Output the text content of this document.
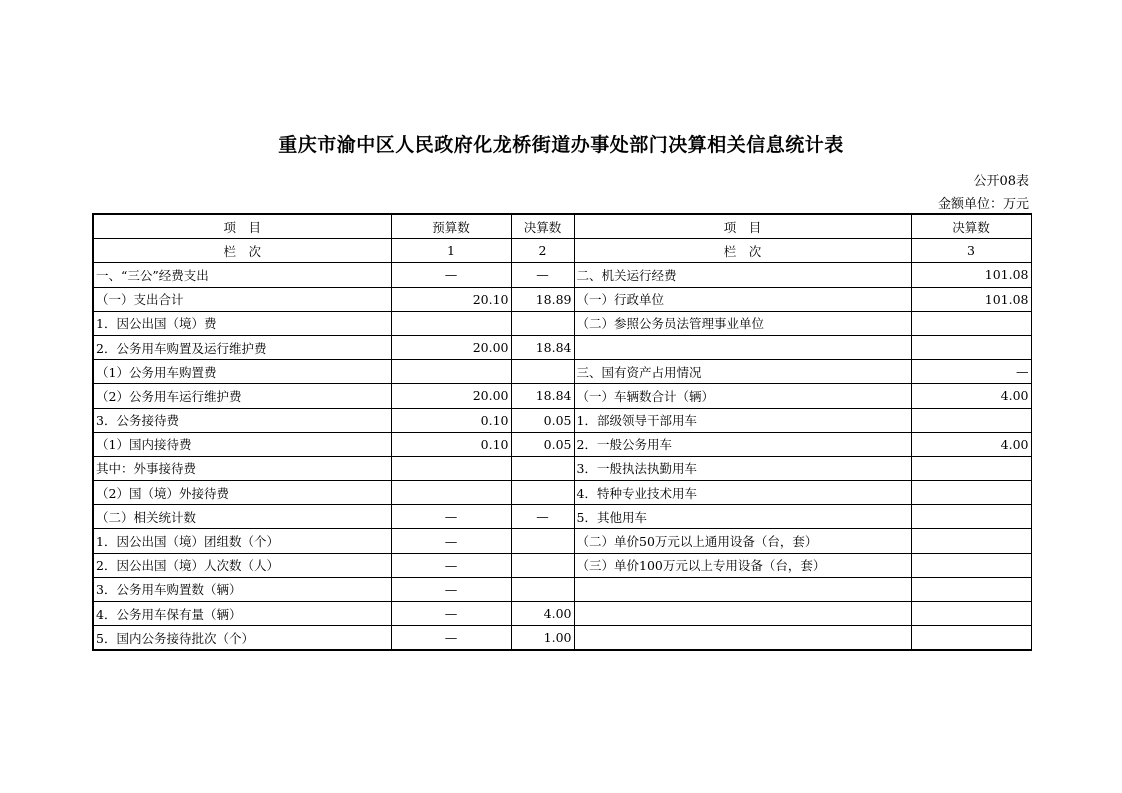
重庆市渝中区人民政府化龙桥街道办事处部门决算相关信息统计表
公开08表
金额单位：万元
项　目	预算数	决算数	项　目	决算数
栏　次	1	2	栏　次	3
一、“三公”经费支出	—	—	二、机关运行经费	101.08
（一）支出合计	20.10	18.89	（一）行政单位	101.08
1．因公出国（境）费			（二）参照公务员法管理事业单位	
2．公务用车购置及运行维护费	20.00	18.84		
（1）公务用车购置费			三、国有资产占用情况	—
（2）公务用车运行维护费	20.00	18.84	（一）车辆数合计（辆）	4.00
3．公务接待费	0.10	0.05	1．部级领导干部用车	
（1）国内接待费	0.10	0.05	2．一般公务用车	4.00
其中：外事接待费			3．一般执法执勤用车	
（2）国（境）外接待费			4．特种专业技术用车	
（二）相关统计数	—	—	5．其他用车	
1．因公出国（境）团组数（个）	—		（二）单价50万元以上通用设备（台，套）	
2．因公出国（境）人次数（人）	—		（三）单价100万元以上专用设备（台，套）	
3．公务用车购置数（辆）	—			
4．公务用车保有量（辆）	—	4.00		
5．国内公务接待批次（个）	—	1.00		
